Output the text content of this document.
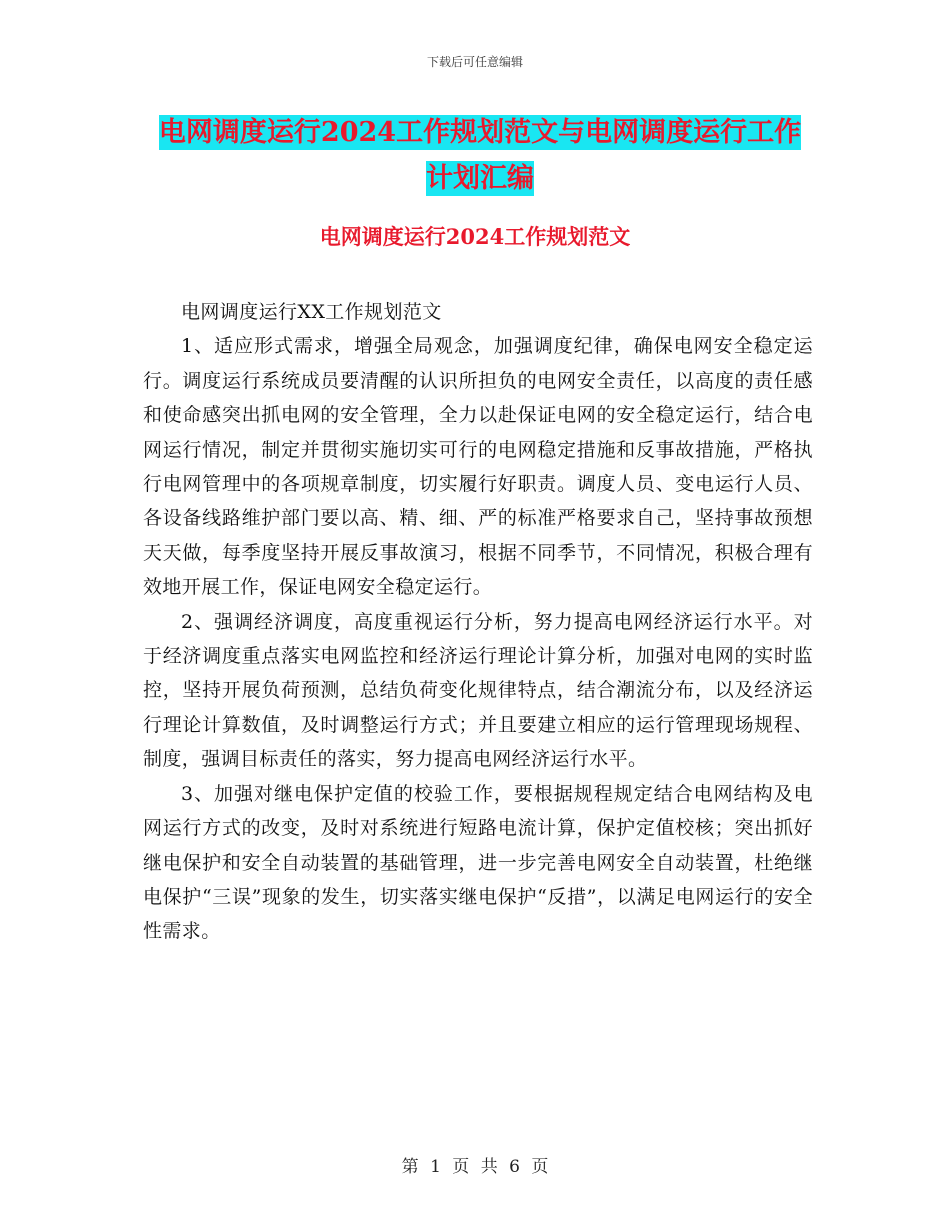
下载后可任意编辑
电网调度运行2024工作规划范文与电网调度运行工作
计划汇编
电网调度运行2024工作规划范文

电网调度运行XX工作规划范文

1、适应形式需求，增强全局观念，加强调度纪律，确保电网安全稳定运行。调度运行系统成员要清醒的认识所担负的电网安全责任，以高度的责任感和使命感突出抓电网的安全管理，全力以赴保证电网的安全稳定运行，结合电网运行情况，制定并贯彻实施切实可行的电网稳定措施和反事故措施，严格执行电网管理中的各项规章制度，切实履行好职责。调度人员、变电运行人员、各设备线路维护部门要以高、精、细、严的标准严格要求自己，坚持事故预想天天做，每季度坚持开展反事故演习，根据不同季节，不同情况，积极合理有效地开展工作，保证电网安全稳定运行。

2、强调经济调度，高度重视运行分析，努力提高电网经济运行水平。对于经济调度重点落实电网监控和经济运行理论计算分析，加强对电网的实时监控，坚持开展负荷预测，总结负荷变化规律特点，结合潮流分布，以及经济运行理论计算数值，及时调整运行方式；并且要建立相应的运行管理现场规程、制度，强调目标责任的落实，努力提高电网经济运行水平。

3、加强对继电保护定值的校验工作，要根据规程规定结合电网结构及电网运行方式的改变，及时对系统进行短路电流计算，保护定值校核；突出抓好继电保护和安全自动装置的基础管理，进一步完善电网安全自动装置，杜绝继电保护“三误”现象的发生，切实落实继电保护“反措”，以满足电网运行的安全性需求。

第 1 页 共 6 页
